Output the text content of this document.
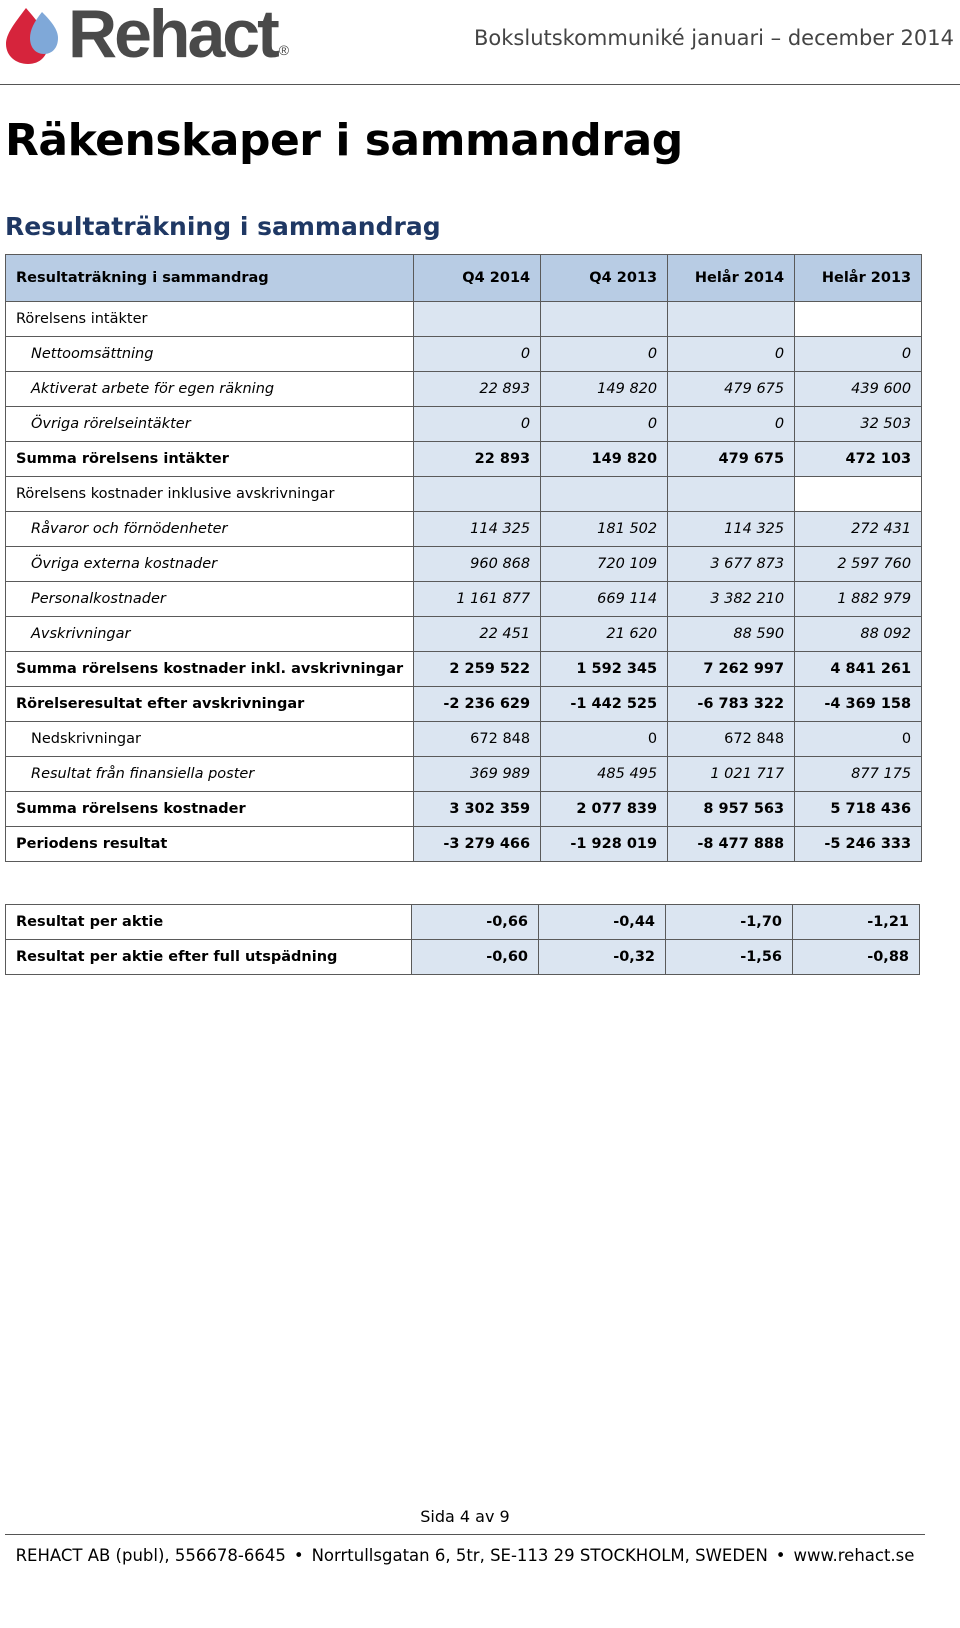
Rehact ®	Bokslutskommuniké januari – december 2014
Räkenskaper i sammandrag
Resultaträkning i sammandrag
Resultaträkning i sammandrag	Q4 2014	Q4 2013	Helår 2014	Helår 2013
Rörelsens intäkter				
Nettoomsättning	0	0	0	0
Aktiverat arbete för egen räkning	22 893	149 820	479 675	439 600
Övriga rörelseintäkter	0	0	0	32 503
Summa rörelsens intäkter	22 893	149 820	479 675	472 103
Rörelsens kostnader inklusive avskrivningar				
Råvaror och förnödenheter	114 325	181 502	114 325	272 431
Övriga externa kostnader	960 868	720 109	3 677 873	2 597 760
Personalkostnader	1 161 877	669 114	3 382 210	1 882 979
Avskrivningar	22 451	21 620	88 590	88 092
Summa rörelsens kostnader inkl. avskrivningar	2 259 522	1 592 345	7 262 997	4 841 261
Rörelseresultat efter avskrivningar	-2 236 629	-1 442 525	-6 783 322	-4 369 158
Nedskrivningar	672 848	0	672 848	0
Resultat från finansiella poster	369 989	485 495	1 021 717	877 175
Summa rörelsens kostnader	3 302 359	2 077 839	8 957 563	5 718 436
Periodens resultat	-3 279 466	-1 928 019	-8 477 888	-5 246 333
Resultat per aktie	-0,66	-0,44	-1,70	-1,21
Resultat per aktie efter full utspädning	-0,60	-0,32	-1,56	-0,88
Sida 4 av 9
REHACT AB (publ), 556678-6645 • Norrtullsgatan 6, 5tr, SE-113 29 STOCKHOLM, SWEDEN • www.rehact.se
